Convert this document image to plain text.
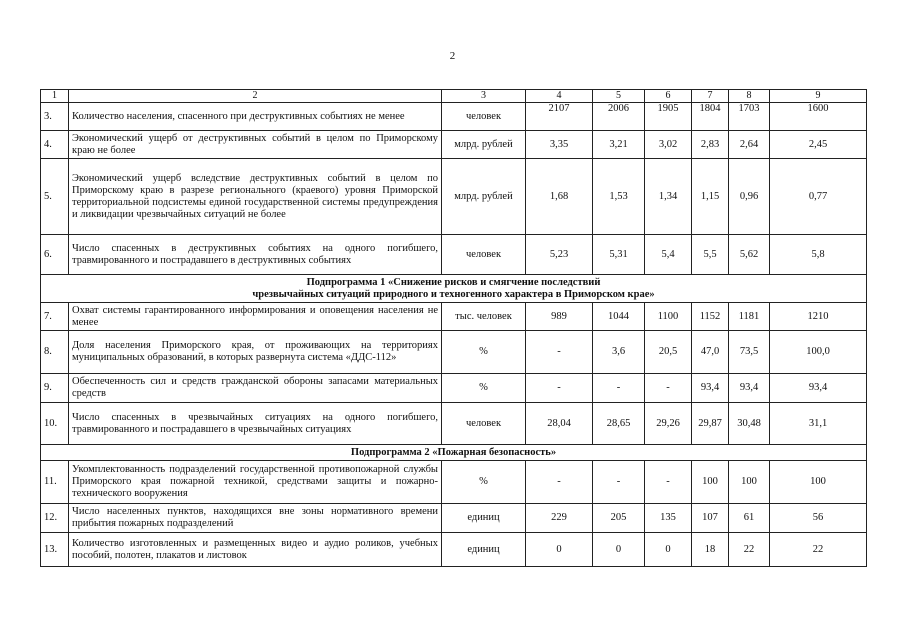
2
1	2	3	4	5	6	7	8	9
3.	Количество населения, спасенного при деструктивных событиях не менее	человек	2107	2006	1905	1804	1703	1600
4.	Экономический ущерб от деструктивных событий в целом по Приморскому краю не более	млрд. рублей	3,35	3,21	3,02	2,83	2,64	2,45
5.	Экономический ущерб вследствие деструктивных событий в целом по Приморскому краю в разрезе регионального (краевого) уровня Приморской территориальной подсистемы единой государственной системы предупреждения и ликвидации чрезвычайных ситуаций не более	млрд. рублей	1,68	1,53	1,34	1,15	0,96	0,77
6.	Число спасенных в деструктивных событиях на одного погибшего, травмированного и пострадавшего в деструктивных событиях	человек	5,23	5,31	5,4	5,5	5,62	5,8

Подпрограмма 1 «Снижение рисков и смягчение последствий
чрезвычайных ситуаций природного и техногенного характера в Приморском крае»								

7.	Охват системы гарантированного информирования и оповещения населения не менее	тыс. человек	989	1044	1100	1152	1181	1210
8.	Доля населения Приморского края, от проживающих на территориях муниципальных образований, в которых развернута система «ДДС-112»	%	-	3,6	20,5	47,0	73,5	100,0
9.	Обеспеченность сил и средств гражданской обороны запасами материальных средств	%	-	-	-	93,4	93,4	93,4
10.	Число спасенных в чрезвычайных ситуациях на одного погибшего, травмированного и пострадавшего в чрезвычайных ситуациях	человек	28,04	28,65	29,26	29,87	30,48	31,1
Подпрограмма 2 «Пожарная безопасность»								
11.	Укомплектованность подразделений государственной противопожарной службы Приморского края пожарной техникой, средствами защиты и пожарно-технического вооружения	%	-	-	-	100	100	100
12.	Число населенных пунктов, находящихся вне зоны нормативного времени прибытия пожарных подразделений	единиц	229	205	135	107	61	56
13.	Количество изготовленных и размещенных видео и аудио роликов, учебных пособий, полотен, плакатов и листовок	единиц	0	0	0	18	22	22
